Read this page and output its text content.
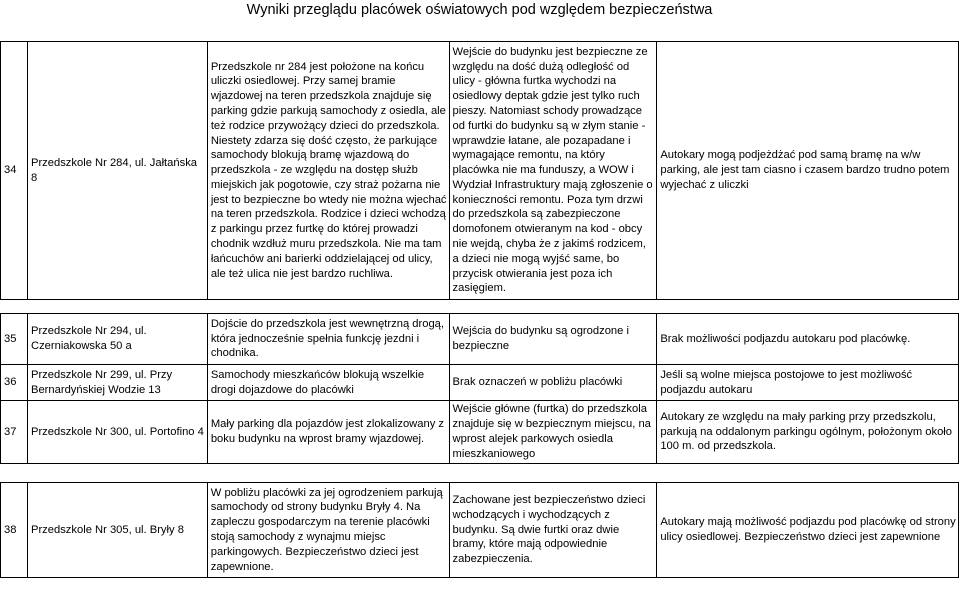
Wyniki przeglądu placówek oświatowych pod względem bezpieczeństwa
34	Przedszkole Nr 284, ul. Jałtańska 8	Przedszkole nr 284 jest położone na końcu uliczki osiedlowej. Przy samej bramie wjazdowej na teren przedszkola znajduje się parking gdzie parkują samochody z osiedla, ale też rodzice przywożący dzieci do przedszkola. Niestety zdarza się dość często, że parkujące samochody blokują bramę wjazdową do przedszkola - ze względu na dostęp służb miejskich jak pogotowie, czy straż pożarna nie jest to bezpieczne bo wtedy nie można wjechać na teren przedszkola. Rodzice i dzieci wchodzą z parkingu przez furtkę do której prowadzi chodnik wzdłuż muru przedszkola. Nie ma tam łańcuchów ani barierki oddzielającej od ulicy, ale też ulica nie jest bardzo ruchliwa.	Wejście do budynku jest bezpieczne ze względu na dość dużą odległość od ulicy - główna furtka wychodzi na osiedlowy deptak gdzie jest tylko ruch pieszy. Natomiast schody prowadzące od furtki do budynku są w złym stanie - wprawdzie łatane, ale pozapadane i wymagające remontu, na który placówka nie ma funduszy, a WOW i Wydział Infrastruktury mają zgłoszenie o konieczności remontu. Poza tym drzwi do przedszkola są zabezpieczone domofonem otwieranym na kod - obcy nie wejdą, chyba że z jakimś rodzicem, a dzieci nie mogą wyjść same, bo przycisk otwierania jest poza ich zasięgiem.	Autokary mogą podjeżdżać pod samą bramę na w/w parking, ale jest tam ciasno i czasem bardzo trudno potem wyjechać z uliczki
35	Przedszkole Nr 294, ul. Czerniakowska 50 a	Dojście do przedszkola jest wewnętrzną drogą, która jednocześnie spełnia funkcję jezdni i chodnika.	Wejścia do budynku są ogrodzone i bezpieczne	Brak możliwości podjazdu autokaru pod placówkę.
36	Przedszkole Nr 299, ul. Przy Bernardyńskiej Wodzie 13	Samochody mieszkańców blokują wszelkie drogi dojazdowe do placówki	Brak oznaczeń w pobliżu placówki	Jeśli są wolne miejsca postojowe to jest możliwość podjazdu autokaru
37	Przedszkole Nr 300, ul. Portofino 4	Mały parking dla pojazdów jest zlokalizowany z boku budynku na wprost bramy wjazdowej.	Wejście główne (furtka) do przedszkola znajduje się w bezpiecznym miejscu, na wprost alejek parkowych osiedla mieszkaniowego	Autokary ze względu na mały parking przy przedszkolu, parkują na oddalonym parkingu ogólnym, położonym około 100 m. od przedszkola.
38	Przedszkole Nr 305, ul. Bryły 8	W pobliżu placówki za jej ogrodzeniem parkują samochody od strony budynku Bryły 4. Na zapleczu gospodarczym na terenie placówki stoją samochody z wynajmu miejsc parkingowych. Bezpieczeństwo dzieci jest zapewnione.	Zachowane jest bezpieczeństwo dzieci wchodzących i wychodzących z budynku. Są dwie furtki oraz dwie bramy, które mają odpowiednie zabezpieczenia.	Autokary mają możliwość podjazdu pod placówkę od strony ulicy osiedlowej. Bezpieczeństwo dzieci jest zapewnione
